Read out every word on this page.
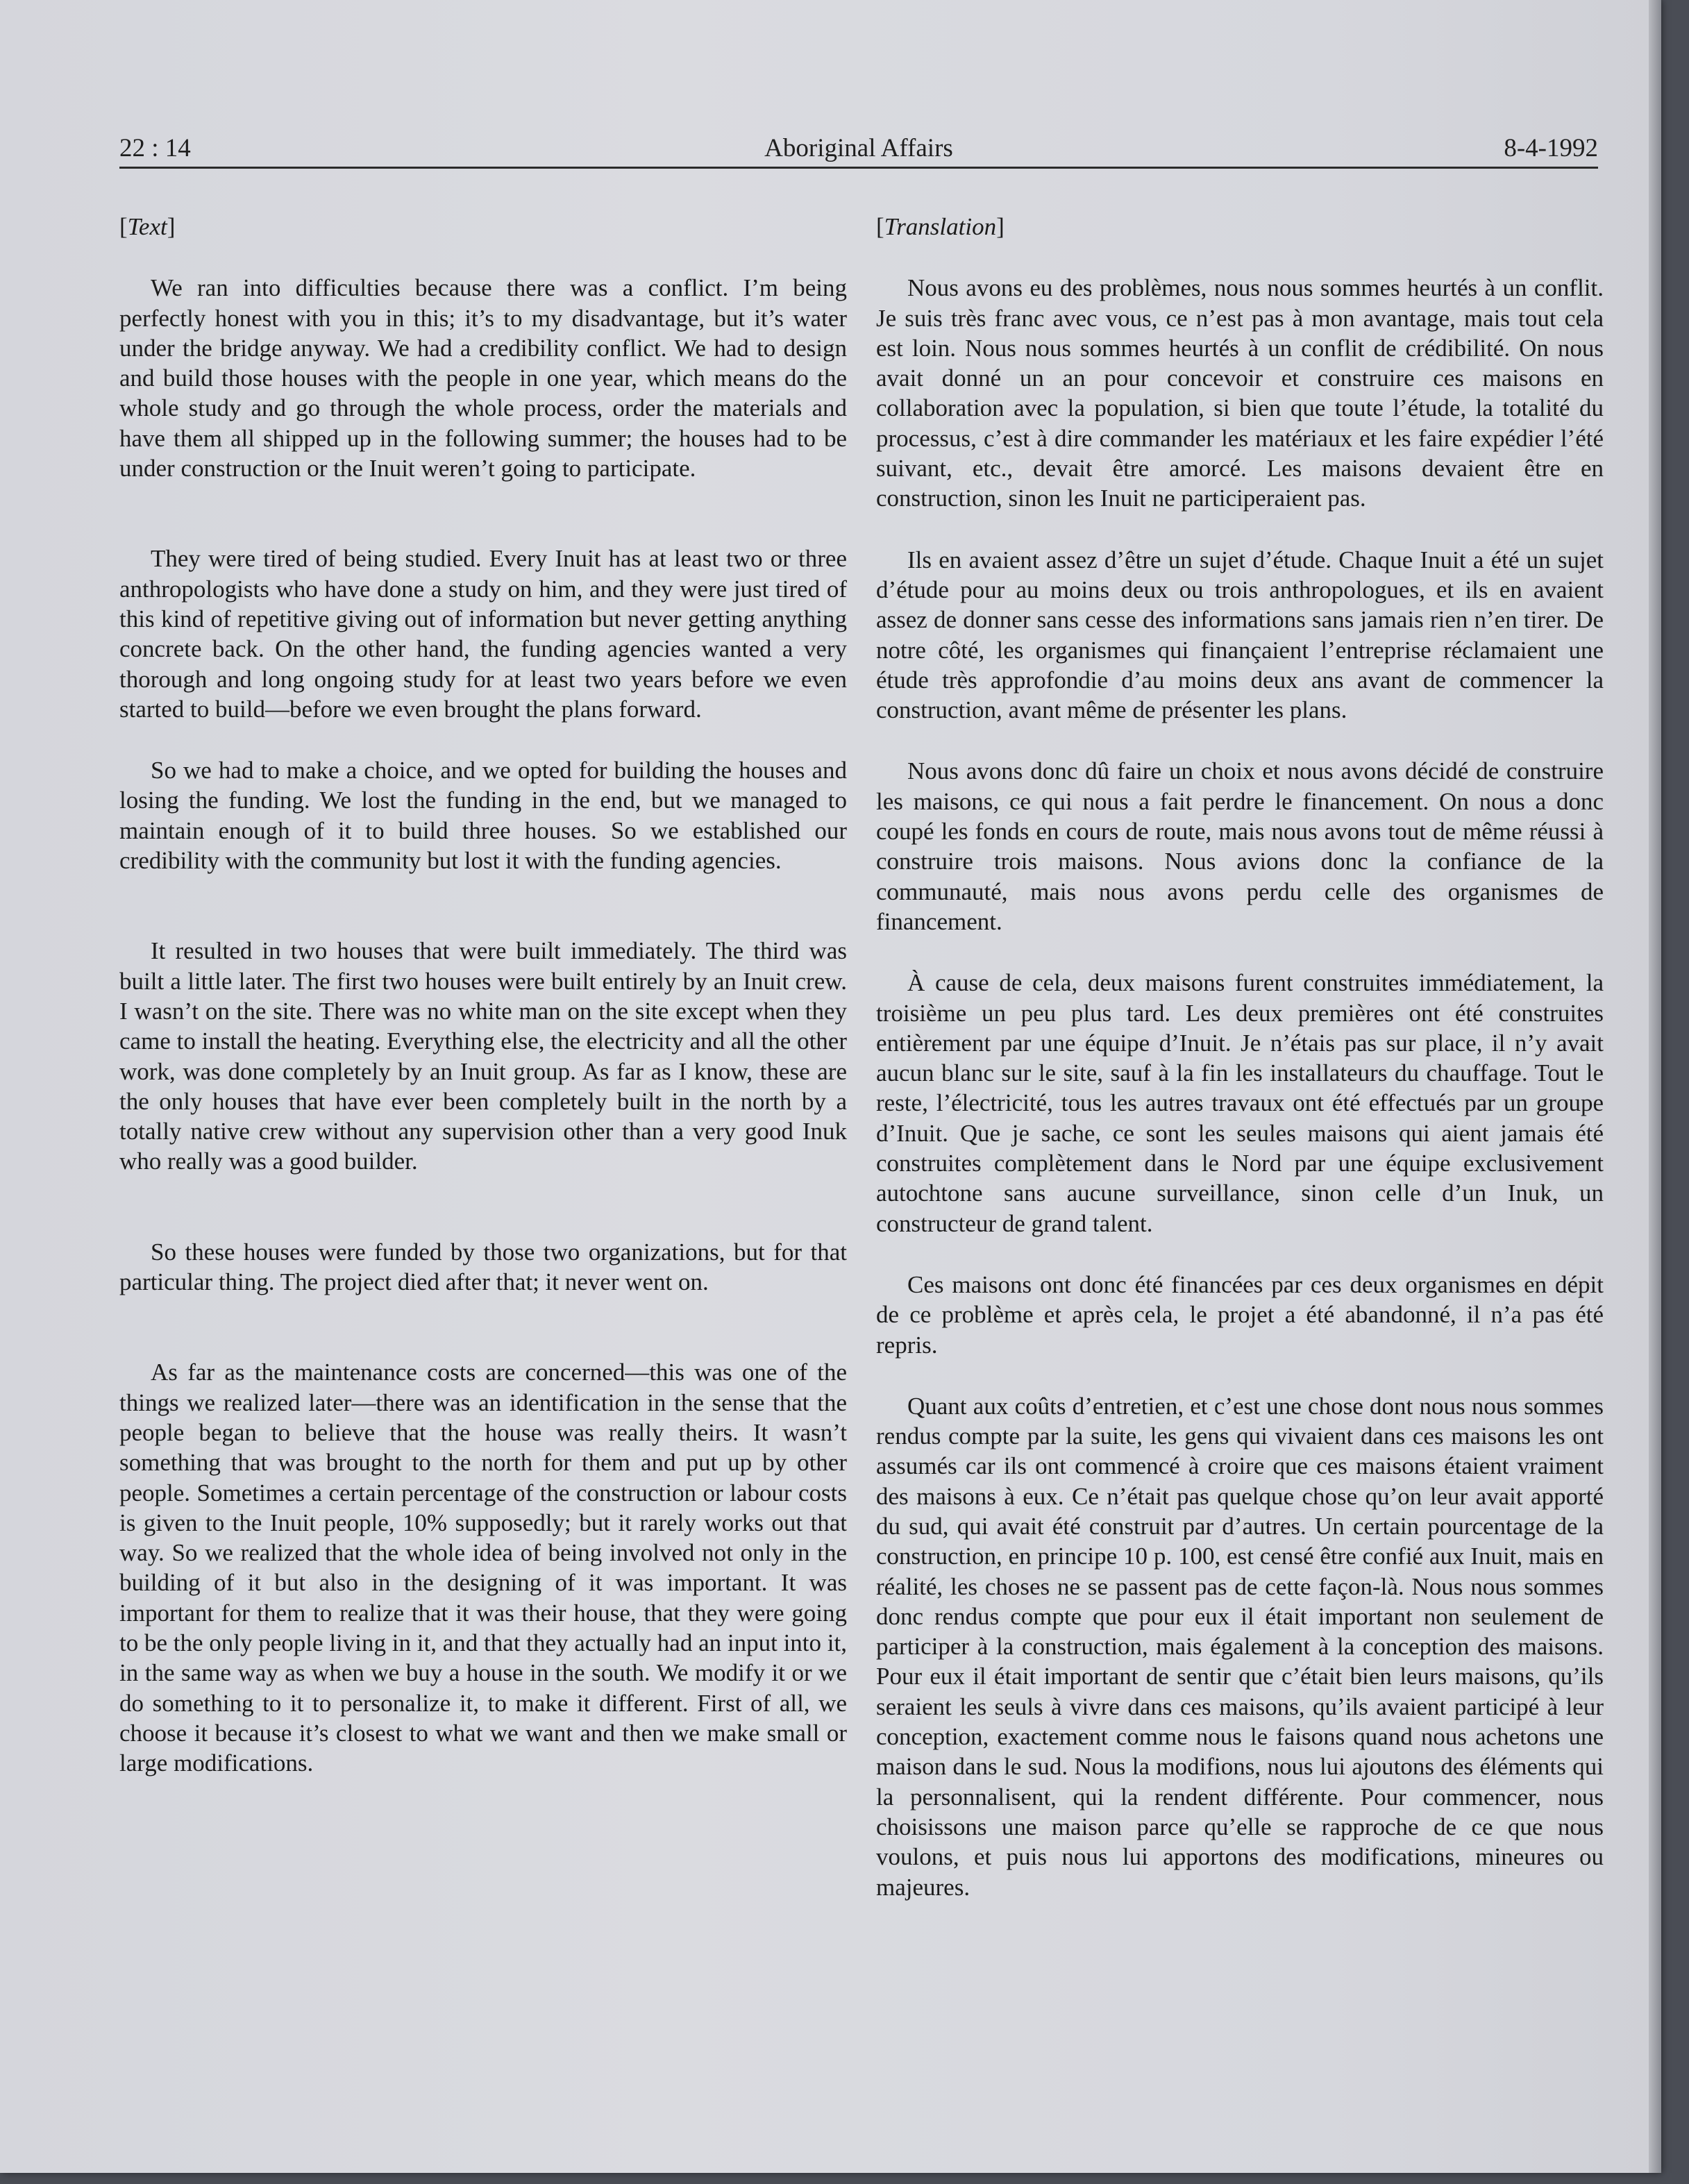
22 : 14	Aboriginal Affairs	8-4-1992

[Text]

We ran into difficulties because there was a conflict. I’m being perfectly honest with you in this; it’s to my disadvantage, but it’s water under the bridge anyway. We had a credibility conflict. We had to design and build those houses with the people in one year, which means do the whole study and go through the whole process, order the materials and have them all shipped up in the following summer; the houses had to be under construction or the Inuit weren’t going to participate.

They were tired of being studied. Every Inuit has at least two or three anthropologists who have done a study on him, and they were just tired of this kind of repetitive giving out of information but never getting anything concrete back. On the other hand, the funding agencies wanted a very thorough and long ongoing study for at least two years before we even started to build—before we even brought the plans forward.

So we had to make a choice, and we opted for building the houses and losing the funding. We lost the funding in the end, but we managed to maintain enough of it to build three houses. So we established our credibility with the community but lost it with the funding agencies.

It resulted in two houses that were built immediately. The third was built a little later. The first two houses were built entirely by an Inuit crew. I wasn’t on the site. There was no white man on the site except when they came to install the heating. Everything else, the electricity and all the other work, was done completely by an Inuit group. As far as I know, these are the only houses that have ever been completely built in the north by a totally native crew without any supervision other than a very good Inuk who really was a good builder.

So these houses were funded by those two organizations, but for that particular thing. The project died after that; it never went on.

As far as the maintenance costs are concerned—this was one of the things we realized later—there was an identification in the sense that the people began to believe that the house was really theirs. It wasn’t something that was brought to the north for them and put up by other people. Sometimes a certain percentage of the construction or labour costs is given to the Inuit people, 10% supposedly; but it rarely works out that way. So we realized that the whole idea of being involved not only in the building of it but also in the designing of it was important. It was important for them to realize that it was their house, that they were going to be the only people living in it, and that they actually had an input into it, in the same way as when we buy a house in the south. We modify it or we do something to it to personalize it, to make it different. First of all, we choose it because it’s closest to what we want and then we make small or large modifications.

[Translation]

Nous avons eu des problèmes, nous nous sommes heurtés à un conflit. Je suis très franc avec vous, ce n’est pas à mon avantage, mais tout cela est loin. Nous nous sommes heurtés à un conflit de crédibilité. On nous avait donné un an pour concevoir et construire ces maisons en collaboration avec la population, si bien que toute l’étude, la totalité du processus, c’est à dire commander les matériaux et les faire expédier l’été suivant, etc., devait être amorcé. Les maisons devaient être en construction, sinon les Inuit ne participeraient pas.

Ils en avaient assez d’être un sujet d’étude. Chaque Inuit a été un sujet d’étude pour au moins deux ou trois anthropologues, et ils en avaient assez de donner sans cesse des informations sans jamais rien n’en tirer. De notre côté, les organismes qui finançaient l’entreprise réclamaient une étude très approfondie d’au moins deux ans avant de commencer la construction, avant même de présenter les plans.

Nous avons donc dû faire un choix et nous avons décidé de construire les maisons, ce qui nous a fait perdre le financement. On nous a donc coupé les fonds en cours de route, mais nous avons tout de même réussi à construire trois maisons. Nous avions donc la confiance de la communauté, mais nous avons perdu celle des organismes de financement.

À cause de cela, deux maisons furent construites immédiatement, la troisième un peu plus tard. Les deux premières ont été construites entièrement par une équipe d’Inuit. Je n’étais pas sur place, il n’y avait aucun blanc sur le site, sauf à la fin les installateurs du chauffage. Tout le reste, l’électricité, tous les autres travaux ont été effectués par un groupe d’Inuit. Que je sache, ce sont les seules maisons qui aient jamais été construites complètement dans le Nord par une équipe exclusivement autochtone sans aucune surveillance, sinon celle d’un Inuk, un constructeur de grand talent.

Ces maisons ont donc été financées par ces deux organismes en dépit de ce problème et après cela, le projet a été abandonné, il n’a pas été repris.

Quant aux coûts d’entretien, et c’est une chose dont nous nous sommes rendus compte par la suite, les gens qui vivaient dans ces maisons les ont assumés car ils ont commencé à croire que ces maisons étaient vraiment des maisons à eux. Ce n’était pas quelque chose qu’on leur avait apporté du sud, qui avait été construit par d’autres. Un certain pourcentage de la construction, en principe 10 p. 100, est censé être confié aux Inuit, mais en réalité, les choses ne se passent pas de cette façon-là. Nous nous sommes donc rendus compte que pour eux il était important non seulement de participer à la construction, mais également à la conception des maisons. Pour eux il était important de sentir que c’était bien leurs maisons, qu’ils seraient les seuls à vivre dans ces maisons, qu’ils avaient participé à leur conception, exactement comme nous le faisons quand nous achetons une maison dans le sud. Nous la modifions, nous lui ajoutons des éléments qui la personnalisent, qui la rendent différente. Pour commencer, nous choisissons une maison parce qu’elle se rapproche de ce que nous voulons, et puis nous lui apportons des modifications, mineures ou majeures.
